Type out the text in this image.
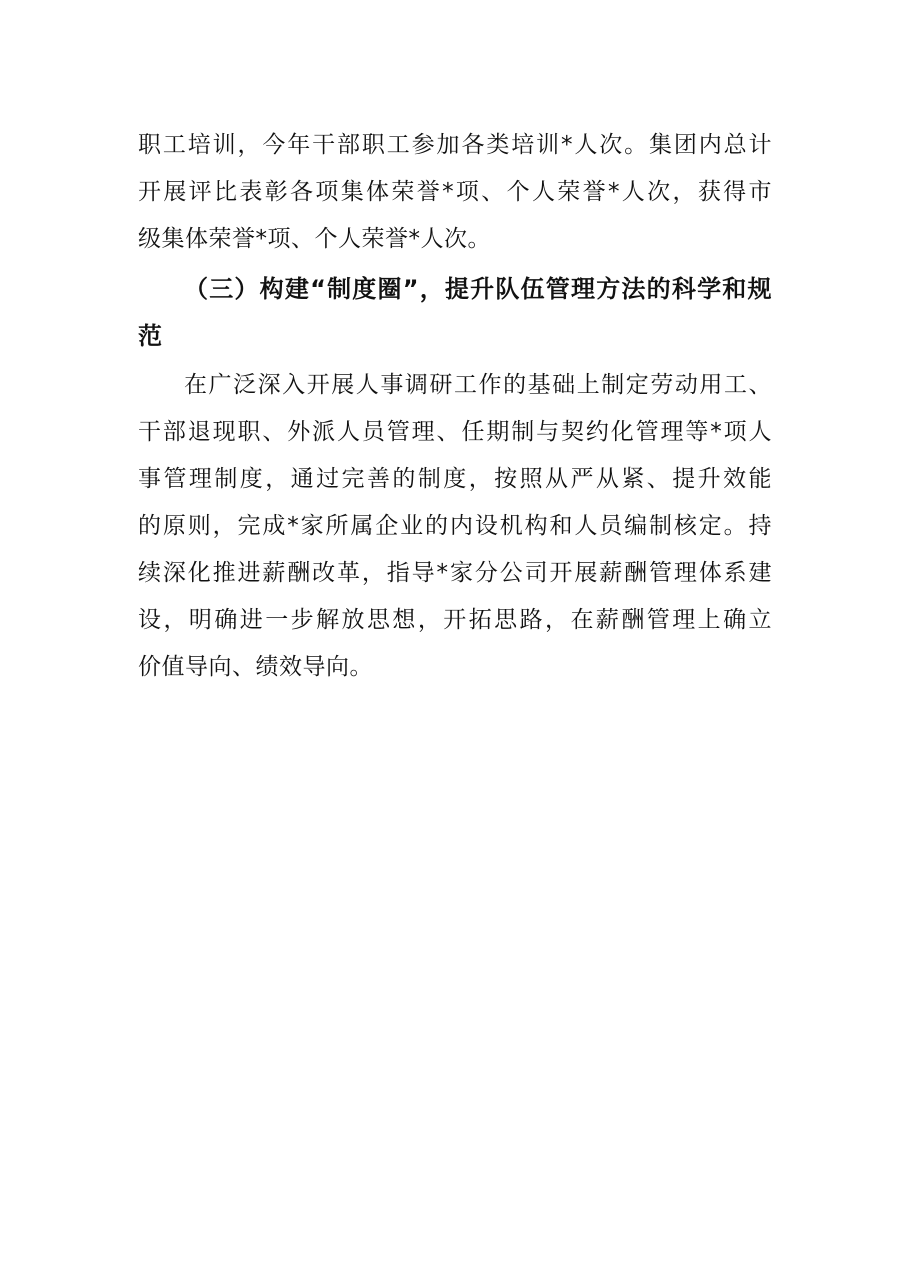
职工培训，今年干部职工参加各类培训*人次。集团内总计
开展评比表彰各项集体荣誉*项、个人荣誉*人次，获得市
级集体荣誉*项、个人荣誉*人次。
（三）构建“制度圈”，提升队伍管理方法的科学和规
范
在广泛深入开展人事调研工作的基础上制定劳动用工、
干部退现职、外派人员管理、任期制与契约化管理等*项人
事管理制度，通过完善的制度，按照从严从紧、提升效能
的原则，完成*家所属企业的内设机构和人员编制核定。持
续深化推进薪酬改革，指导*家分公司开展薪酬管理体系建
设，明确进一步解放思想，开拓思路，在薪酬管理上确立
价值导向、绩效导向。
